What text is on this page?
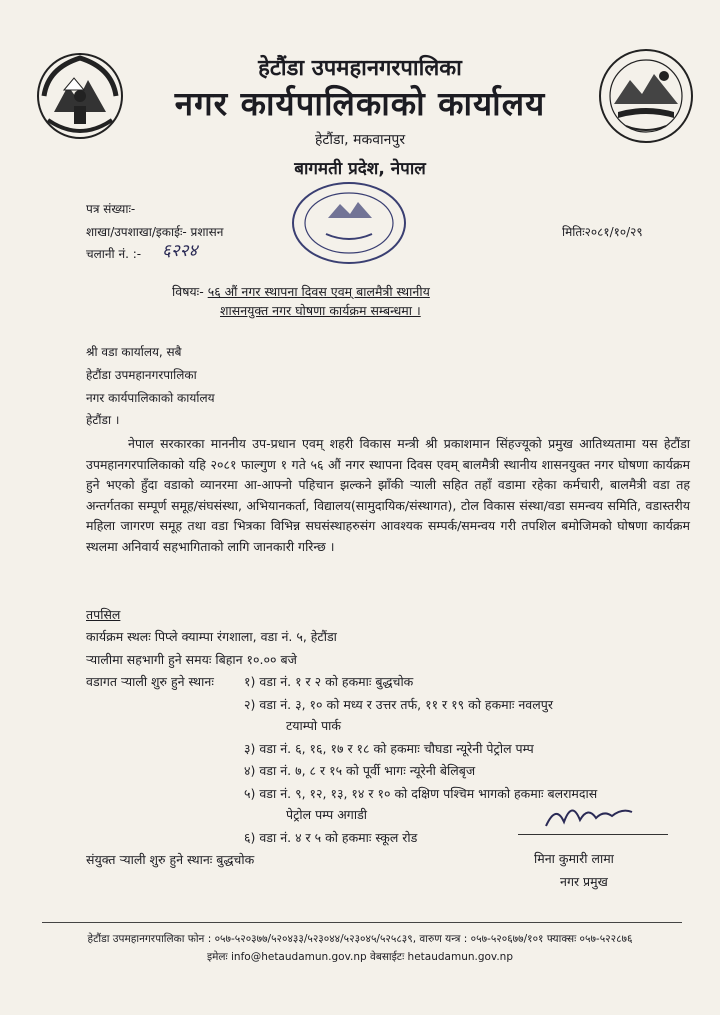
हेटौंडा उपमहानगरपालिका
नगर कार्यपालिकाको कार्यालय
हेटौंडा, मकवानपुर
बागमती प्रदेश, नेपाल
पत्र संख्याः-
शाखा/उपशाखा/इकाईः- प्रशासन
चलानी नं. :- ६२२४
मितिः२०८१/१०/२९
विषयः- ५६ औं नगर स्थापना दिवस एवम् बालमैत्री स्थानीय
शासनयुक्त नगर घोषणा कार्यक्रम सम्बन्धमा ।
श्री वडा कार्यालय, सबै
हेटौंडा उपमहानगरपालिका
नगर कार्यपालिकाको कार्यालय
हेटौंडा ।
नेपाल सरकारका माननीय उप-प्रधान एवम् शहरी विकास मन्त्री श्री प्रकाशमान सिंहज्यूको प्रमुख आतिथ्यतामा यस हेटौंडा उपमहानगरपालिकाको यहि २०८१ फाल्गुण १ गते ५६ औं नगर स्थापना दिवस एवम् बालमैत्री स्थानीय शासनयुक्त नगर घोषणा कार्यक्रम हुने भएको हुँदा वडाको व्यानरमा आ-आफ्नो पहिचान झल्कने झाँकी र्‍याली सहित तहाँ वडामा रहेका कर्मचारी, बालमैत्री वडा तह अन्तर्गतका सम्पूर्ण समूह/संघसंस्था, अभियानकर्ता, विद्यालय(सामुदायिक/संस्थागत), टोल विकास संस्था/वडा समन्वय समिति, वडास्तरीय महिला जागरण समूह तथा वडा भित्रका विभिन्न सघसंस्थाहरुसंग आवश्यक सम्पर्क/समन्वय गरी तपशिल बमोजिमको घोषणा कार्यक्रम स्थलमा अनिवार्य सहभागिताको लागि जानकारी गरिन्छ ।
तपसिल
कार्यक्रम स्थलः पिप्ले क्याम्पा रंगशाला, वडा नं. ५, हेटौंडा
र्‍यालीमा सहभागी हुने समयः बिहान १०.०० बजे
वडागत र्‍याली शुरु हुने स्थानः १) वडा नं. १ र २ को हकमाः बुद्धचोक
२) वडा नं. ३, १० को मध्य र उत्तर तर्फ, ११ र १९ को हकमाः नवलपुर
टयाम्पो पार्क
३) वडा नं. ६, १६, १७ र १८ को हकमाः चौघडा न्यूरेनी पेट्रोल पम्प
४) वडा नं. ७, ८ र १५ को पूर्वी भागः न्यूरेनी बेलिबृज
५) वडा नं. ९, १२, १३, १४ र १० को दक्षिण पश्चिम भागको हकमाः बलरामदास
पेट्रोल पम्प अगाडी
६) वडा नं. ४ र ५ को हकमाः स्कूल रोड
संयुक्त र्‍याली शुरु हुने स्थानः बुद्धचोक	मिना कुमारी लामा
नगर प्रमुख
हेटौंडा उपमहानगरपालिका फोन : ०५७-५२०३७७/५२०४३३/५२३०४४/५२३०४५/५२५८३९, वारुण यन्त्र : ०५७-५२०६७७/१०१ फ्याक्सः ०५७-५२२८७६
इमेलः info@hetaudamun.gov.np वेबसाईटः hetaudamun.gov.np
